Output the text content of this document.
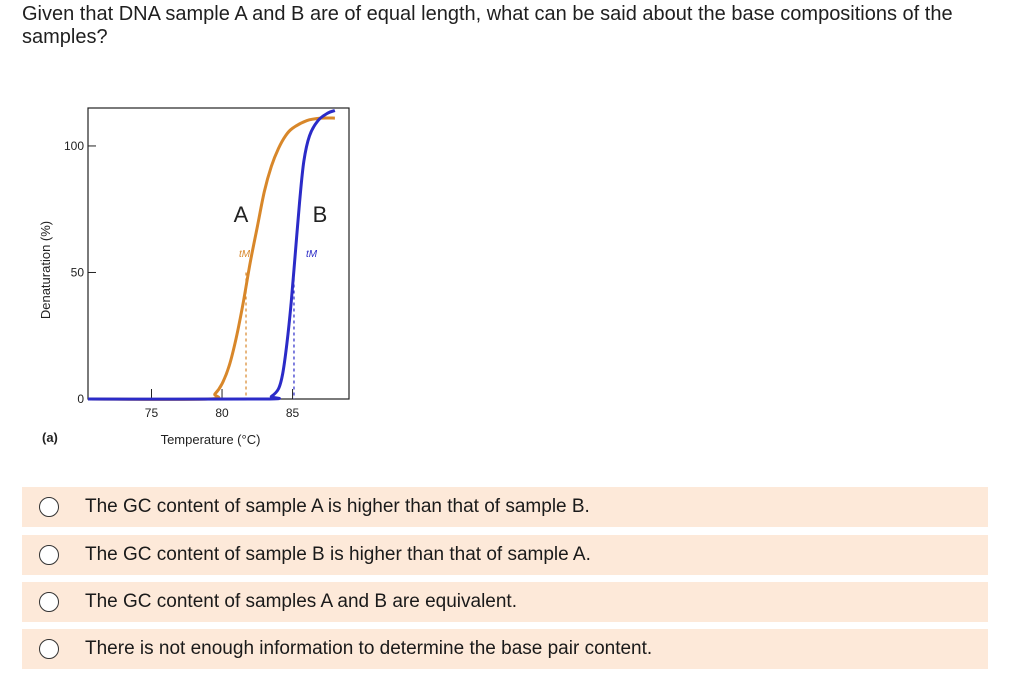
Given that DNA sample A and B are of equal length, what can be said about the base compositions of the samples?
0
50
100
75	80	85
Temperature (°C)
Denaturation (%)
(a)
A
tM
B
tM
The GC content of sample A is higher than that of sample B.
The GC content of sample B is higher than that of sample A.
The GC content of samples A and B are equivalent.
There is not enough information to determine the base pair content.
